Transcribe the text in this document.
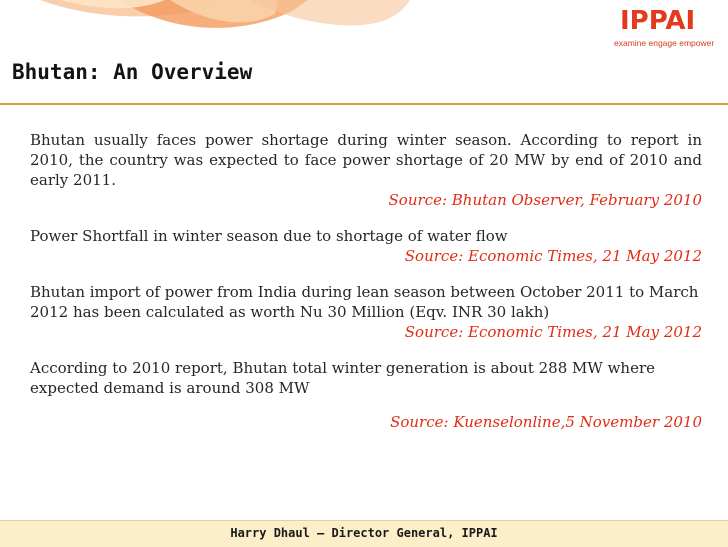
IPPAI
examine engage empower
Bhutan: An Overview

Bhutan usually faces power shortage during winter season. According to report in 2010, the country was expected to face power shortage of 20 MW by end of 2010 and early 2011.

Source: Bhutan Observer, February 2010

Power Shortfall in winter season due to shortage of water flow

Source: Economic Times, 21 May 2012

Bhutan import of power from India during lean season between October 2011 to March 2012 has been calculated as worth Nu 30 Million (Eqv. INR 30 lakh)

Source: Economic Times, 21 May 2012

According to 2010 report, Bhutan total winter generation is about 288 MW where expected demand is around 308 MW

Source: Kuenselonline,5 November 2010

Harry Dhaul – Director General, IPPAI
